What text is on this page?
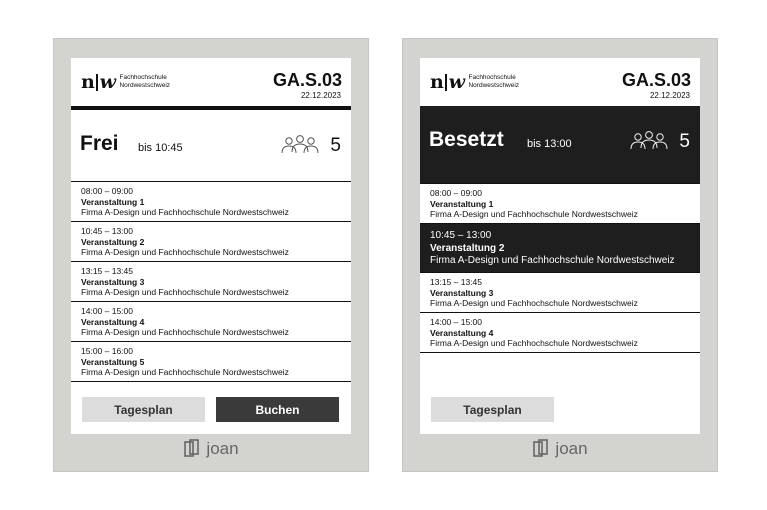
n w Fachhochschule
Nordwestschweiz	GA.S.03
22.12.2023
Frei bis 10:45	5
08:00 – 09:00
Veranstaltung 1
Firma A-Design und Fachhochschule Nordwestschweiz
10:45 – 13:00
Veranstaltung 2
Firma A-Design und Fachhochschule Nordwestschweiz
13:15 – 13:45
Veranstaltung 3
Firma A-Design und Fachhochschule Nordwestschweiz
14:00 – 15:00
Veranstaltung 4
Firma A-Design und Fachhochschule Nordwestschweiz
15:00 – 16:00
Veranstaltung 5
Firma A-Design und Fachhochschule Nordwestschweiz
Tagesplan	Buchen
joan
n w Fachhochschule
Nordwestschweiz	GA.S.03
22.12.2023
Besetzt bis 13:00	5
08:00 – 09:00
Veranstaltung 1
Firma A-Design und Fachhochschule Nordwestschweiz
10:45 – 13:00
Veranstaltung 2
Firma A-Design und Fachhochschule Nordwestschweiz
13:15 – 13:45
Veranstaltung 3
Firma A-Design und Fachhochschule Nordwestschweiz
14:00 – 15:00
Veranstaltung 4
Firma A-Design und Fachhochschule Nordwestschweiz
Tagesplan
joan
